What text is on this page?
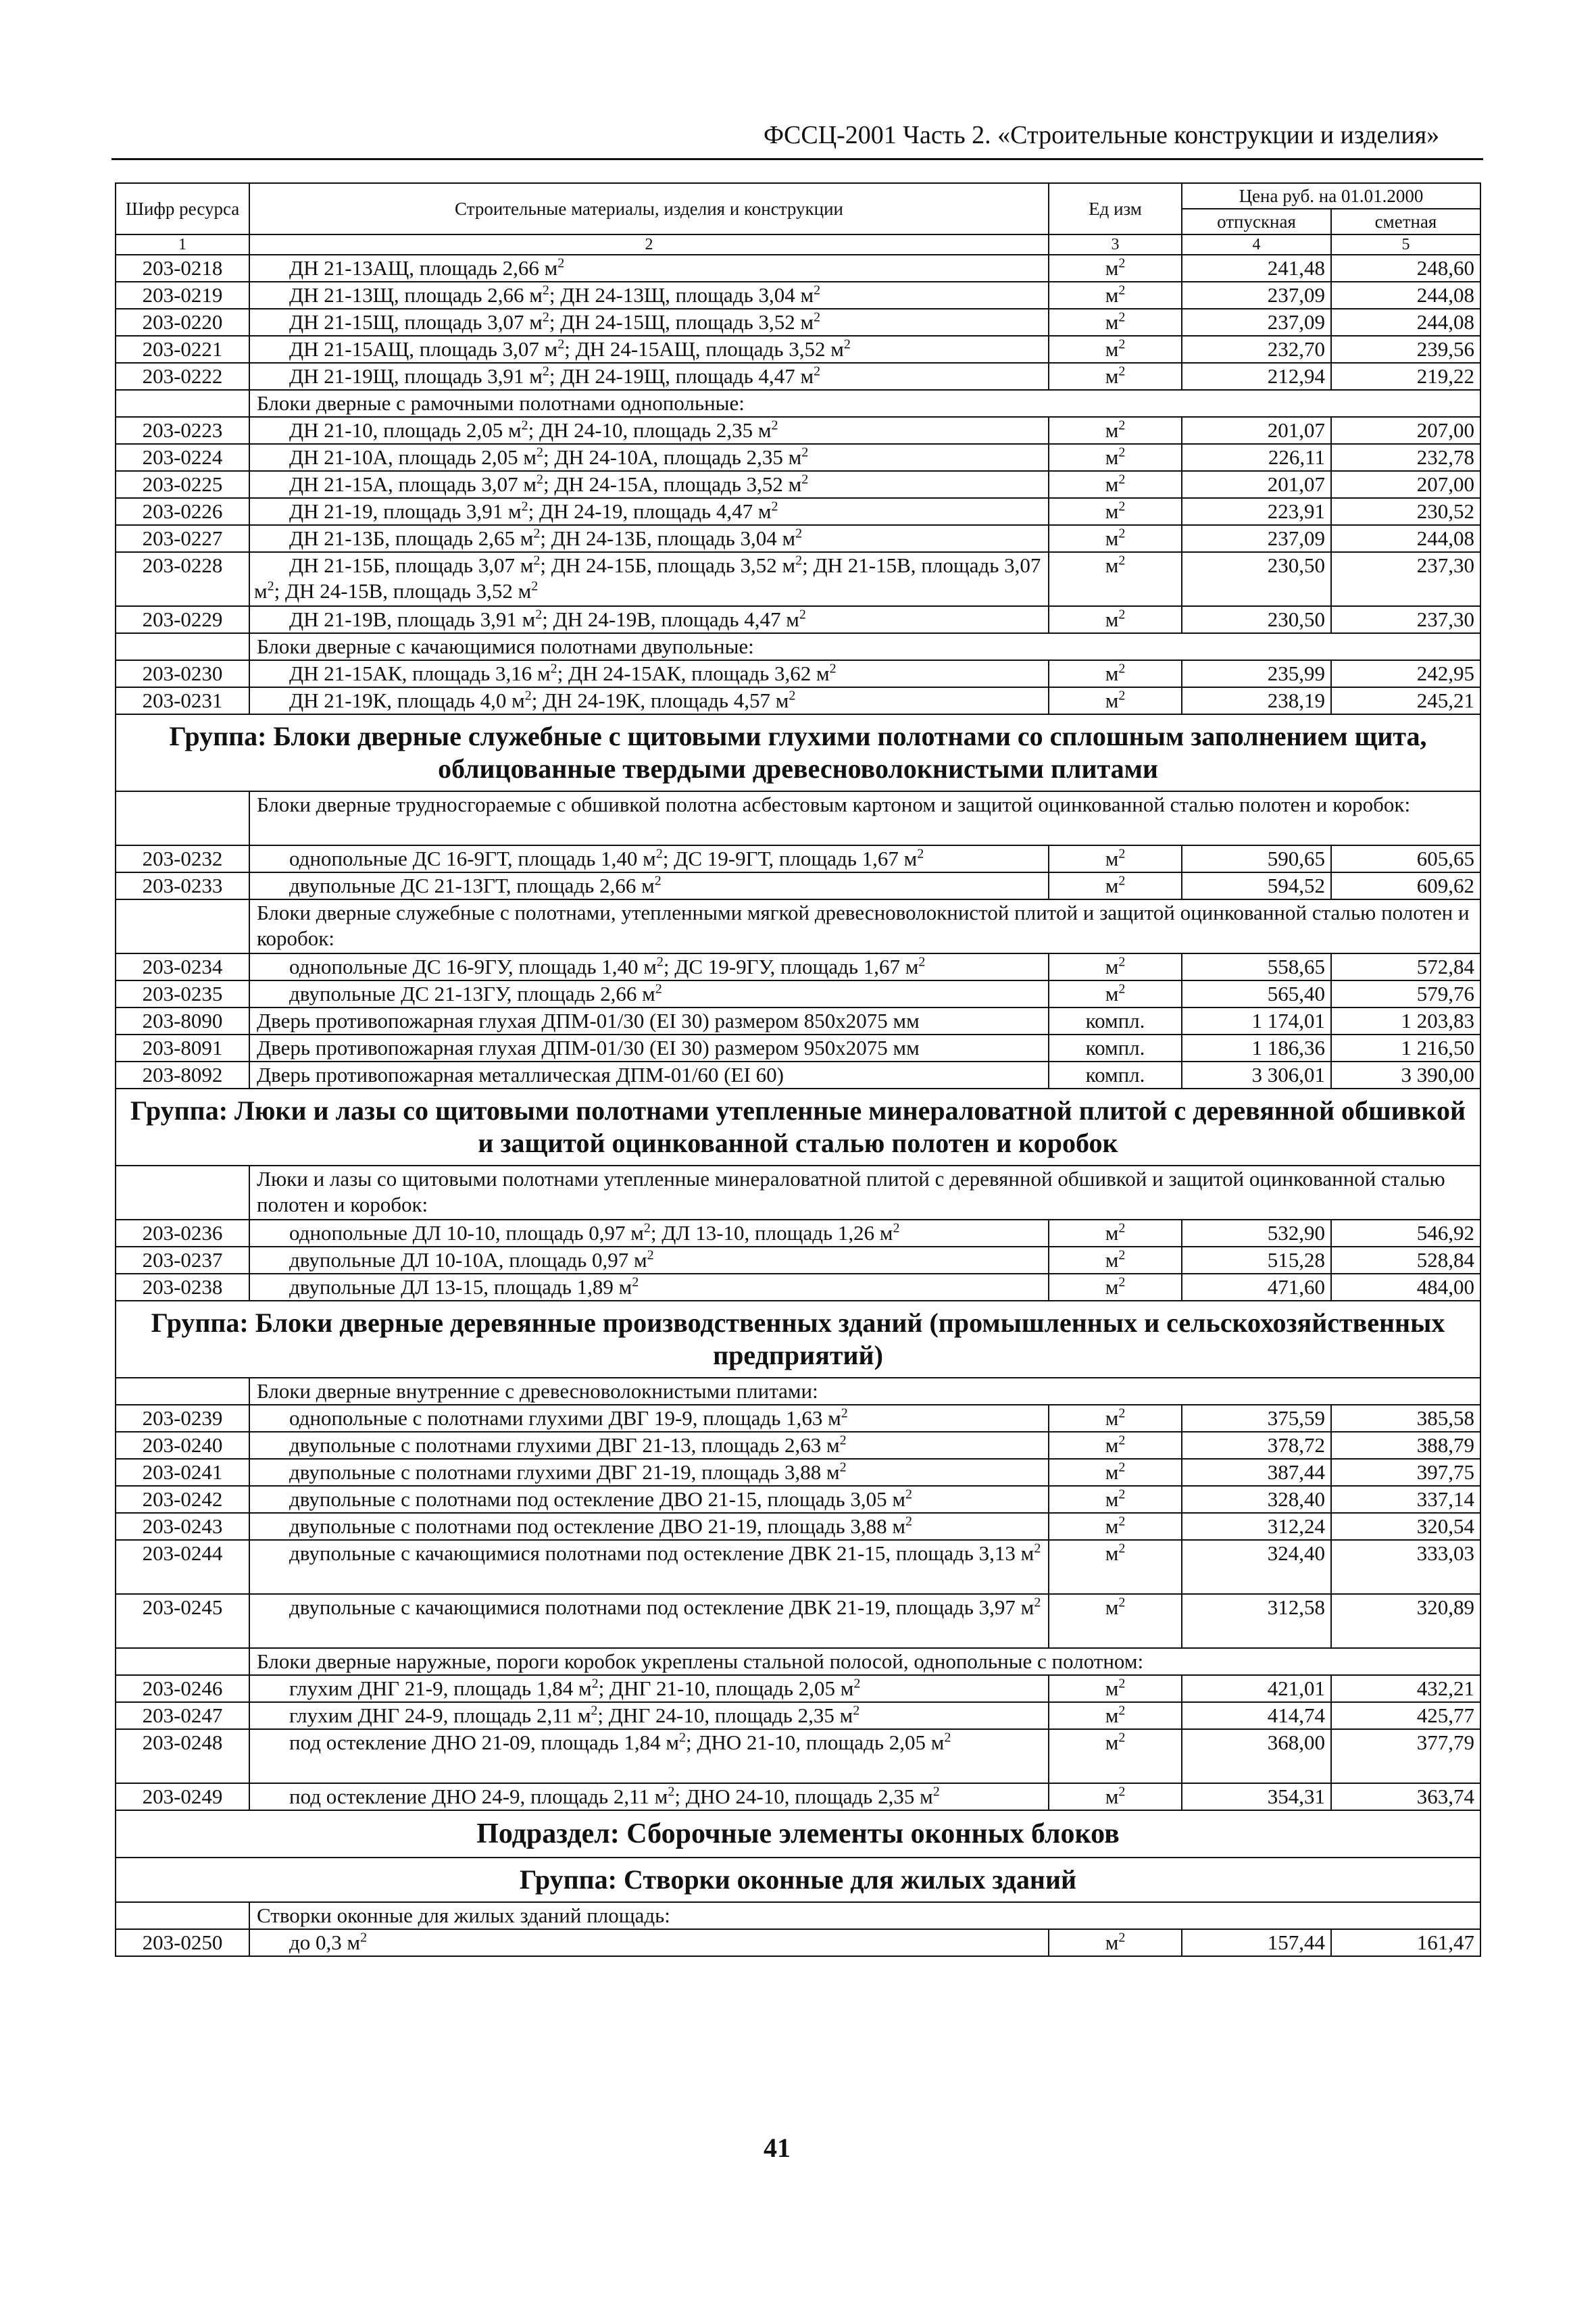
ФССЦ-2001 Часть 2. «Строительные конструкции и изделия»
Шифр ресурса	Строительные материалы, изделия и конструкции	Ед изм	Цена руб. на 01.01.2000	
			отпускная	сметная
1	2	3	4	5
203-0218	ДН 21-13АЩ, площадь 2,66 $м^2$	$м^2$	241,48	248,60
203-0219	ДН 21-13Щ, площадь 2,66 $м^2$; ДН 24-13Щ, площадь 3,04 $м^2$	$м^2$	237,09	244,08
203-0220	ДН 21-15Щ, площадь 3,07 $м^2$; ДН 24-15Щ, площадь 3,52 $м^2$	$м^2$	237,09	244,08
203-0221	ДН 21-15АЩ, площадь 3,07 $м^2$; ДН 24-15АЩ, площадь 3,52 $м^2$	$м^2$	232,70	239,56
203-0222	ДН 21-19Щ, площадь 3,91 $м^2$; ДН 24-19Щ, площадь 4,47 $м^2$	$м^2$	212,94	219,22
	Блоки дверные с рамочными полотнами однопольные:			
203-0223	ДН 21-10, площадь 2,05 $м^2$; ДН 24-10, площадь 2,35 $м^2$	$м^2$	201,07	207,00
203-0224	ДН 21-10А, площадь 2,05 $м^2$; ДН 24-10А, площадь 2,35 $м^2$	$м^2$	226,11	232,78
203-0225	ДН 21-15А, площадь 3,07 $м^2$; ДН 24-15А, площадь 3,52 $м^2$	$м^2$	201,07	207,00
203-0226	ДН 21-19, площадь 3,91 $м^2$; ДН 24-19, площадь 4,47 $м^2$	$м^2$	223,91	230,52
203-0227	ДН 21-13Б, площадь 2,65 $м^2$; ДН 24-13Б, площадь 3,04 $м^2$	$м^2$	237,09	244,08
203-0228	ДН 21-15Б, площадь 3,07 $м^2$; ДН 24-15Б, площадь 3,52 $м^2$; ДН 21-15В, площадь 3,07 $м^2$; ДН 24-15В, площадь 3,52 $м^2$	$м^2$	230,50	237,30
203-0229	ДН 21-19В, площадь 3,91 $м^2$; ДН 24-19В, площадь 4,47 $м^2$	$м^2$	230,50	237,30
	Блоки дверные с качающимися полотнами двупольные:			
203-0230	ДН 21-15АК, площадь 3,16 $м^2$; ДН 24-15АК, площадь 3,62 $м^2$	$м^2$	235,99	242,95
203-0231	ДН 21-19К, площадь 4,0 $м^2$; ДН 24-19К, площадь 4,57 $м^2$	$м^2$	238,19	245,21
Группа: Блоки дверные служебные с щитовыми глухими полотнами со сплошным заполнением щита, облицованные твердыми древесноволокнистыми плитами				
	Блоки дверные трудносгораемые с обшивкой полотна асбестовым картоном и защитой оцинкованной сталью полотен и коробок:			
203-0232	однопольные ДС 16-9ГТ, площадь 1,40 $м^2$; ДС 19-9ГТ, площадь 1,67 $м^2$	$м^2$	590,65	605,65
203-0233	двупольные ДС 21-13ГТ, площадь 2,66 $м^2$	$м^2$	594,52	609,62
	Блоки дверные служебные с полотнами, утепленными мягкой древесноволокнистой плитой и защитой оцинкованной сталью полотен и коробок:			
203-0234	однопольные ДС 16-9ГУ, площадь 1,40 $м^2$; ДС 19-9ГУ, площадь 1,67 $м^2$	$м^2$	558,65	572,84
203-0235	двупольные ДС 21-13ГУ, площадь 2,66 $м^2$	$м^2$	565,40	579,76
203-8090	Дверь противопожарная глухая ДПМ-01/30 (EI 30) размером 850х2075 мм	компл.	1 174,01	1 203,83
203-8091	Дверь противопожарная глухая ДПМ-01/30 (EI 30) размером 950х2075 мм	компл.	1 186,36	1 216,50
203-8092	Дверь противопожарная металлическая ДПМ-01/60 (EI 60)	компл.	3 306,01	3 390,00
Группа: Люки и лазы со щитовыми полотнами утепленные минераловатной плитой с деревянной обшивкой и защитой оцинкованной сталью полотен и коробок				
	Люки и лазы со щитовыми полотнами утепленные минераловатной плитой с деревянной обшивкой и защитой оцинкованной сталью полотен и коробок:			
203-0236	однопольные ДЛ 10-10, площадь 0,97 $м^2$; ДЛ 13-10, площадь 1,26 $м^2$	$м^2$	532,90	546,92
203-0237	двупольные ДЛ 10-10А, площадь 0,97 $м^2$	$м^2$	515,28	528,84
203-0238	двупольные ДЛ 13-15, площадь 1,89 $м^2$	$м^2$	471,60	484,00
Группа: Блоки дверные деревянные производственных зданий (промышленных и сельскохозяйственных предприятий)				
	Блоки дверные внутренние с древесноволокнистыми плитами:			
203-0239	однопольные с полотнами глухими ДВГ 19-9, площадь 1,63 $м^2$	$м^2$	375,59	385,58
203-0240	двупольные с полотнами глухими ДВГ 21-13, площадь 2,63 $м^2$	$м^2$	378,72	388,79
203-0241	двупольные с полотнами глухими ДВГ 21-19, площадь 3,88 $м^2$	$м^2$	387,44	397,75
203-0242	двупольные с полотнами под остекление ДВО 21-15, площадь 3,05 $м^2$	$м^2$	328,40	337,14
203-0243	двупольные с полотнами под остекление ДВО 21-19, площадь 3,88 $м^2$	$м^2$	312,24	320,54
203-0244	двупольные с качающимися полотнами под остекление ДВК 21-15, площадь 3,13 $м^2$	$м^2$	324,40	333,03
203-0245	двупольные с качающимися полотнами под остекление ДВК 21-19, площадь 3,97 $м^2$	$м^2$	312,58	320,89
	Блоки дверные наружные, пороги коробок укреплены стальной полосой, однопольные с полотном:			
203-0246	глухим ДНГ 21-9, площадь 1,84 $м^2$; ДНГ 21-10, площадь 2,05 $м^2$	$м^2$	421,01	432,21
203-0247	глухим ДНГ 24-9, площадь 2,11 $м^2$; ДНГ 24-10, площадь 2,35 $м^2$	$м^2$	414,74	425,77
203-0248	под остекление ДНО 21-09, площадь 1,84 $м^2$; ДНО 21-10, площадь 2,05 $м^2$	$м^2$	368,00	377,79
203-0249	под остекление ДНО 24-9, площадь 2,11 $м^2$; ДНО 24-10, площадь 2,35 $м^2$	$м^2$	354,31	363,74
Подраздел: Сборочные элементы оконных блоков				
Группа: Створки оконные для жилых зданий				
	Створки оконные для жилых зданий площадь:			
203-0250	до 0,3 $м^2$	$м^2$	157,44	161,47
41
